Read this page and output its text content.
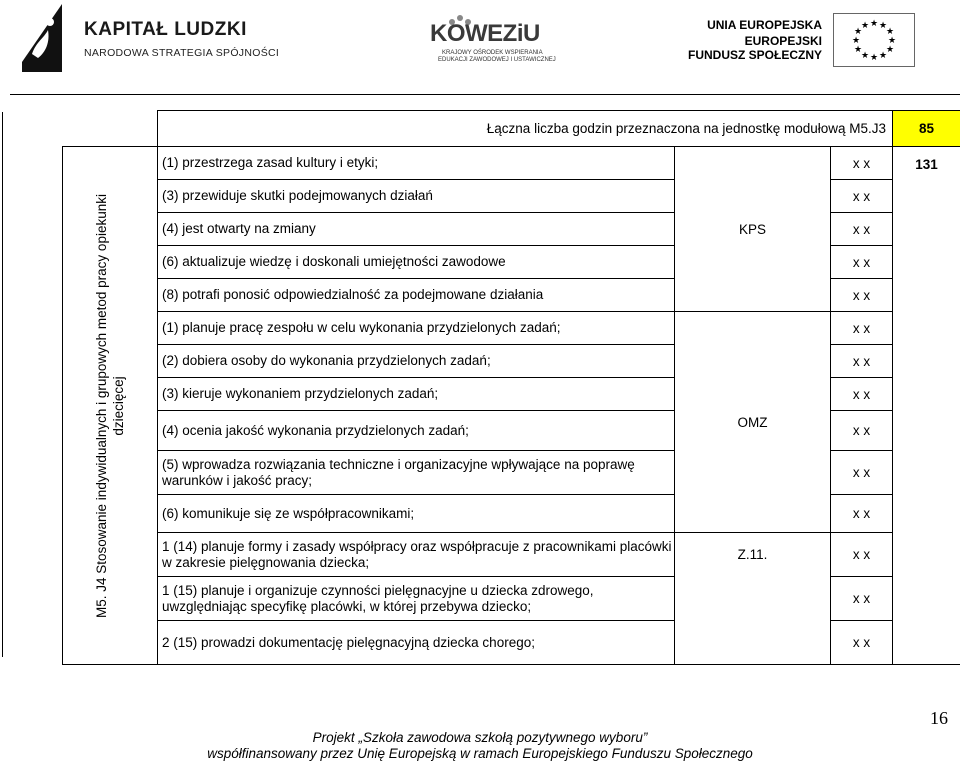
KAPITAŁ LUDZKI
NARODOWA STRATEGIA SPÓJNOŚCI
KOWEZiU
KRAJOWY OŚRODEK WSPIERANIA
EDUKACJI ZAWODOWEJ I USTAWICZNEJ
UNIA EUROPEJSKA
EUROPEJSKI
FUNDUSZ SPOŁECZNY
★ ★
★
★
★
★
★
★
★
★
★
★
	Łączna liczba godzin przeznaczona na jednostkę modułową M5.J3			85

M5. J4 Stosowanie indywidualnych i grupowych metod pracy opiekunki dziecięcej	(1) przestrzega zasad kultury i etyki;		x x	131
	(3) przewiduje skutki podejmowanych działań		x x	
	(4) jest otwarty na zmiany	KPS	x x	
	(6) aktualizuje wiedzę i doskonali umiejętności zawodowe		x x	
	(8) potrafi ponosić odpowiedzialność za podejmowane działania		x x	
	(1) planuje pracę zespołu w celu wykonania przydzielonych zadań;		x x	
	(2) dobiera osoby do wykonania przydzielonych zadań;		x x	
	(3) kieruje wykonaniem przydzielonych zadań;		x x	
	(4) ocenia jakość wykonania przydzielonych zadań;	OMZ	x x	
	(5) wprowadza rozwiązania techniczne i organizacyjne wpływające na poprawę warunków i jakość pracy;		x x	
	(6) komunikuje się ze współpracownikami;		x x	
	1 (14) planuje formy i zasady współpracy oraz współpracuje z pracownikami placówki w zakresie pielęgnowania dziecka;	Z.11.	x x	
	1 (15) planuje i organizuje czynności pielęgnacyjne u dziecka zdrowego, uwzględniając specyfikę placówki, w której przebywa dziecko;		x x	
	2 (15) prowadzi dokumentację pielęgnacyjną dziecka chorego;		x x	
16
Projekt „Szkoła zawodowa szkołą pozytywnego wyboru”
współfinansowany przez Unię Europejską w ramach Europejskiego Funduszu Społecznego
